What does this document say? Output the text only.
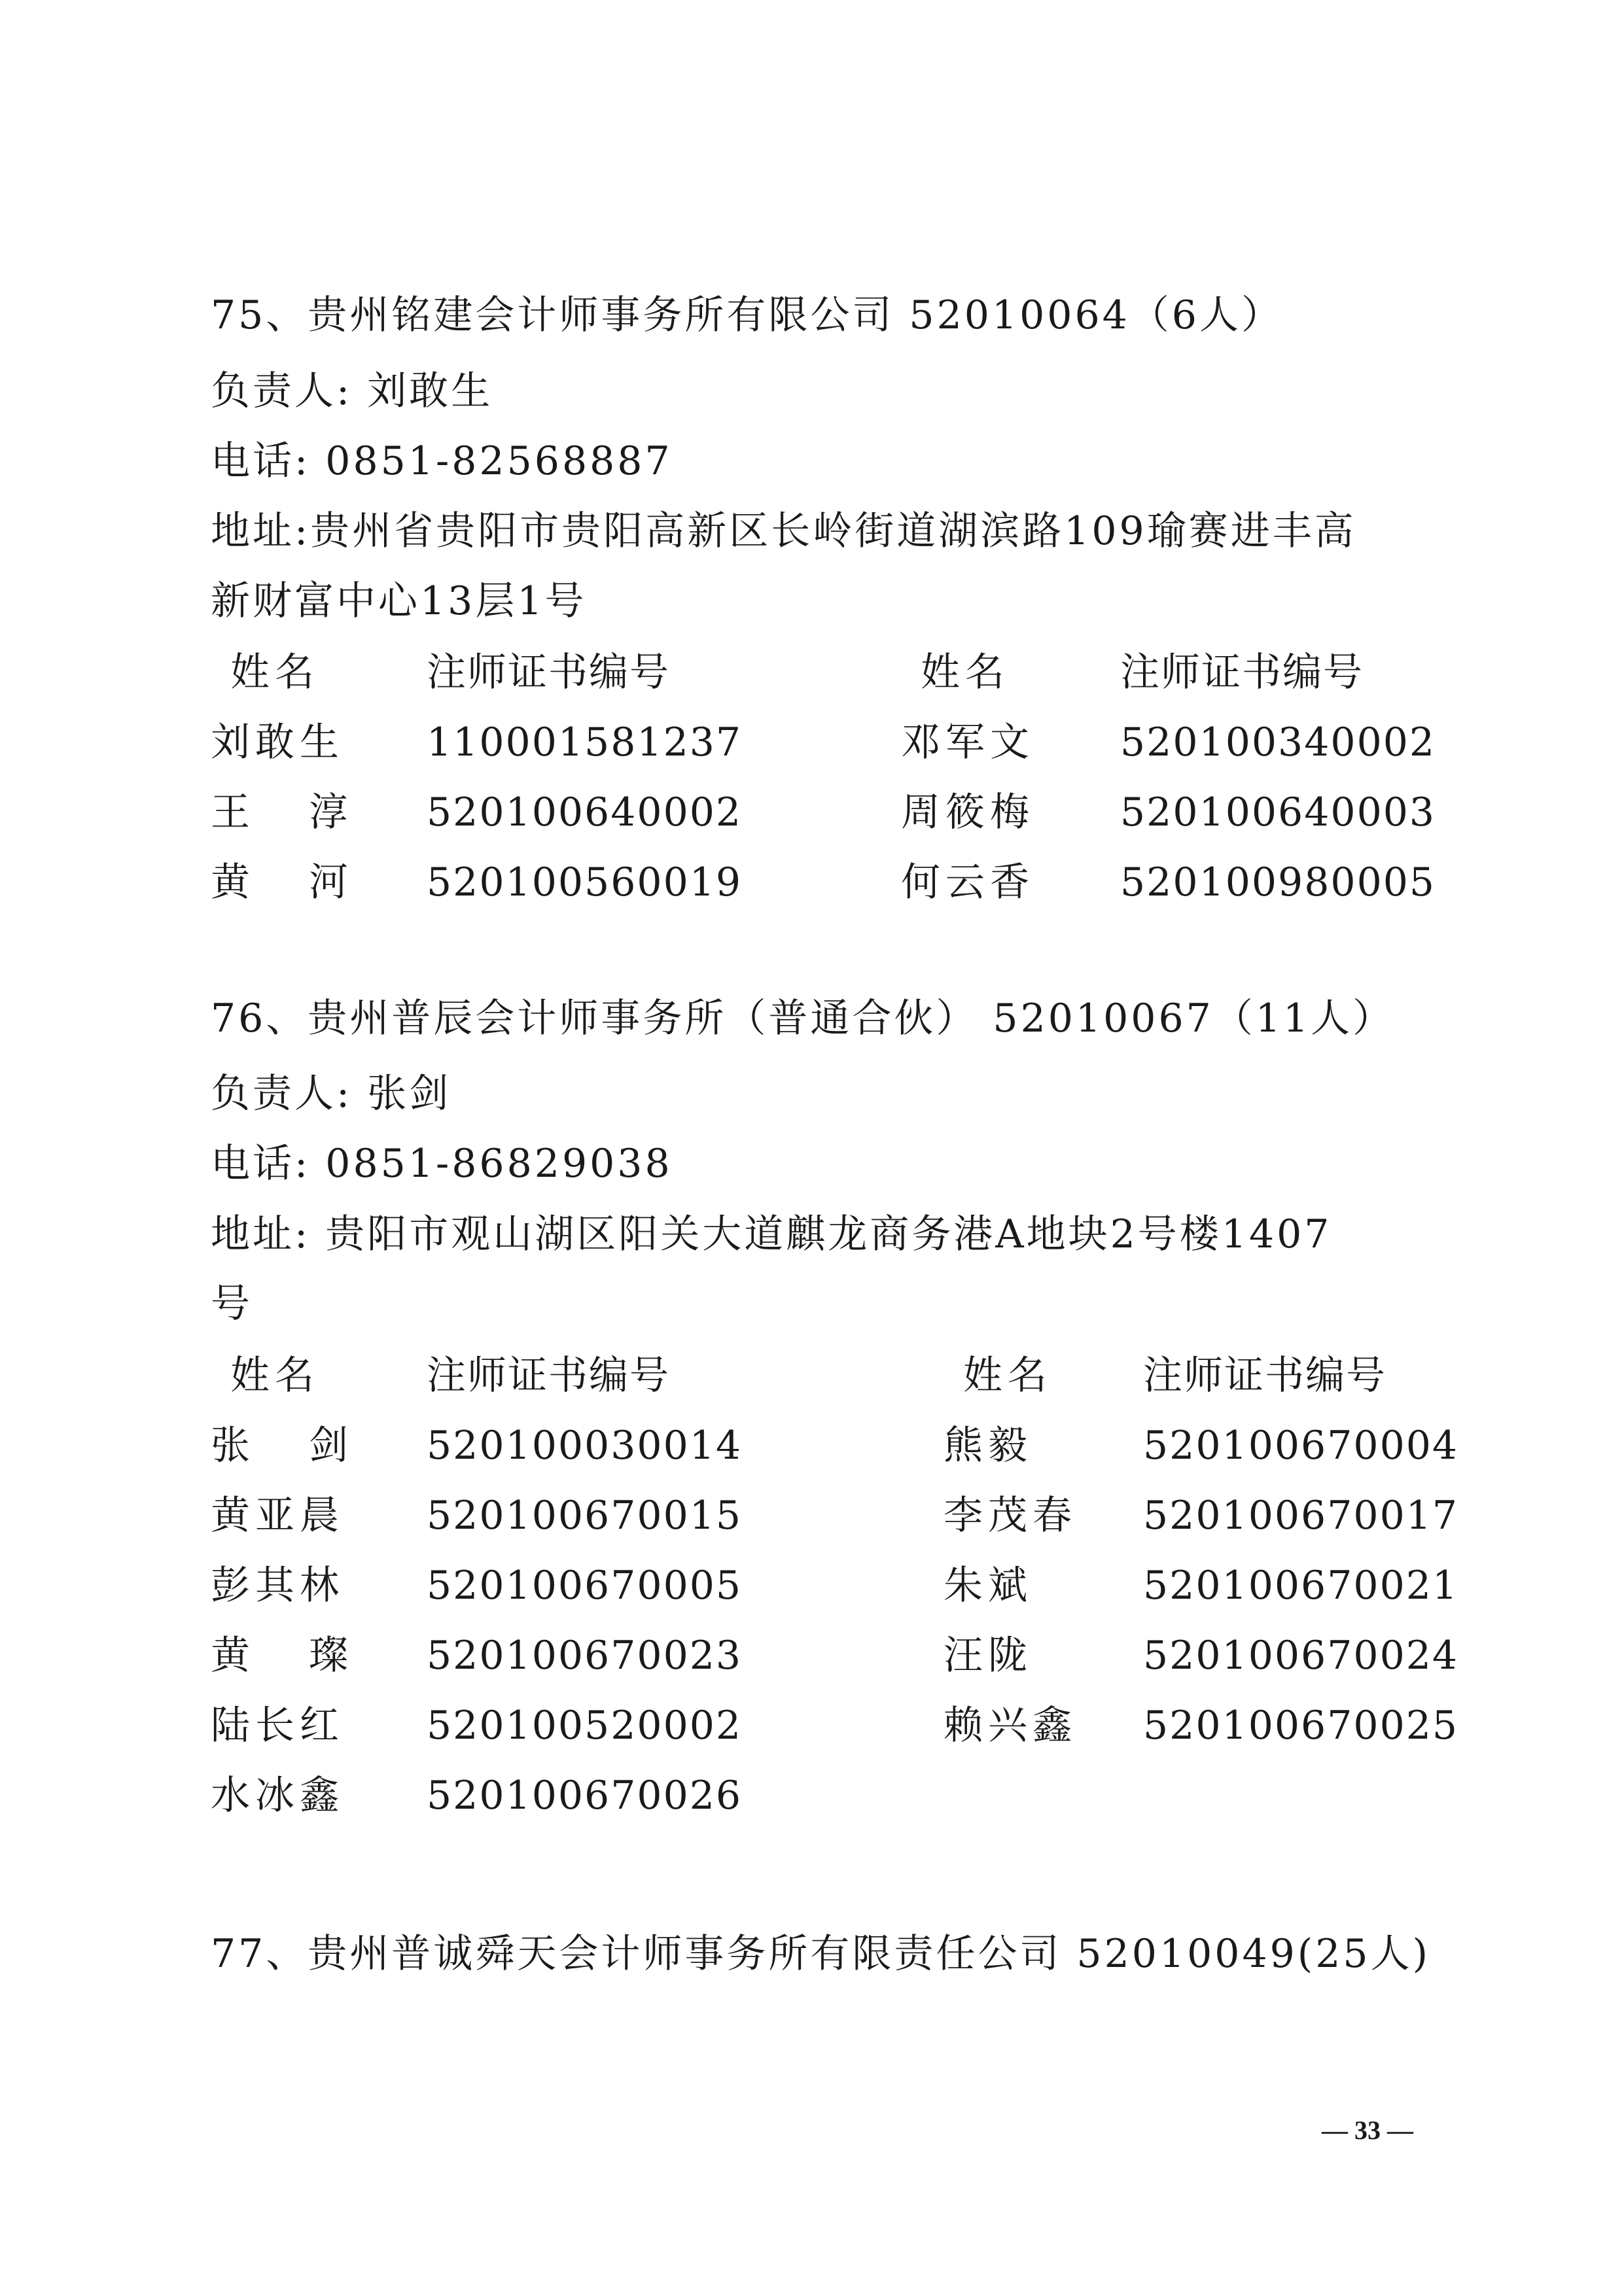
75、贵州铭建会计师事务所有限公司 52010064（6人）
负责人: 刘敢生
电话: 0851-82568887
地址:贵州省贵阳市贵阳高新区长岭街道湖滨路109瑜赛进丰高
新财富中心13层1号
姓名	注师证书编号	姓名	注师证书编号
刘敢生 110001581237	邓军文 520100340002
王淳 520100640002	周筱梅 520100640003
黄河 520100560019	何云香 520100980005
76、贵州普辰会计师事务所（普通合伙） 52010067（11人）
负责人: 张剑
电话: 0851-86829038
地址: 贵阳市观山湖区阳关大道麒龙商务港A地块2号楼1407
号
姓名	注师证书编号	姓名 注师证书编号
张剑 520100030014	熊毅	520100670004
黄亚晨 520100670015	李茂春 520100670017
彭其林 520100670005	朱斌	520100670021
黄璨 520100670023	汪陇	520100670024
陆长红 520100520002	赖兴鑫 520100670025
水冰鑫 520100670026
77、贵州普诚舜天会计师事务所有限责任公司 52010049(25人)
— 33 —
